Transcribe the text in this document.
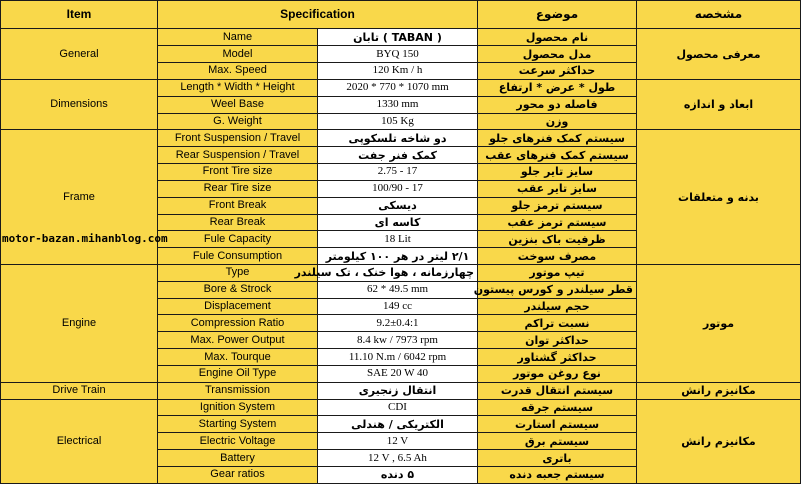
Item	Specification		موضوع	مشخصه
General	Name	( TABAN ) تابان	نام محصول	معرفی محصول
	Model	BYQ 150	مدل محصول	
	Max. Speed	120 Km / h	حداکثر سرعت	
Dimensions	Length * Width * Height	2020 * 770 * 1070 mm	طول * عرض * ارتفاع	ابعاد و اندازه
	Weel Base	1330 mm	فاصله دو محور	
	G. Weight	105 Kg	وزن	
Frame	Front Suspension / Travel	دو شاخه تلسکوپی	سیستم کمک فنرهای جلو	بدنه و متعلقات
	Rear Suspension / Travel	کمک فنر جفت	سیستم کمک فنرهای عقب	
	Front Tire size	2.75 - 17	سایز تایر جلو	
	Rear Tire size	100/90 - 17	سایز تایر عقب	
	Front Break	دیسکی	سیستم ترمز جلو	
	Rear Break	کاسه ای	سیستم ترمز عقب	
	Fule Capacity	18 Lit	ظرفیت باک بنزین	
	Fule Consumption	۲/۱ لیتر در هر ۱۰۰ کیلومتر	مصرف سوخت	
Engine	Type	چهارزمانه ، هوا خنک ، تک سیلندر	تیپ موتور	موتور
	Bore & Strock	62 * 49.5 mm	قطر سیلندر و کورس پیستون	
	Displacement	149 cc	حجم سیلندر	
	Compression Ratio	9.2±0.4:1	نسبت تراکم	
	Max. Power Output	8.4 kw / 7973 rpm	حداکثر توان	
	Max. Tourque	11.10 N.m / 6042 rpm	حداکثر گشتاور	
	Engine Oil Type	SAE 20 W 40	نوع روغن موتور	
Drive Train	Transmission	انتقال زنجیری	سیستم انتقال قدرت	مکانیزم رانش
Electrical	Ignition System	CDI	سیستم جرقه	مکانیزم رانش
	Starting System	الکتریکی / هندلی	سیستم استارت	
	Electric Voltage	12 V	سیستم برق	
	Battery	12 V , 6.5 Ah	باتری	
	Gear ratios	۵ دنده	سیستم جعبه دنده	
motor-bazan.mihanblog.com
